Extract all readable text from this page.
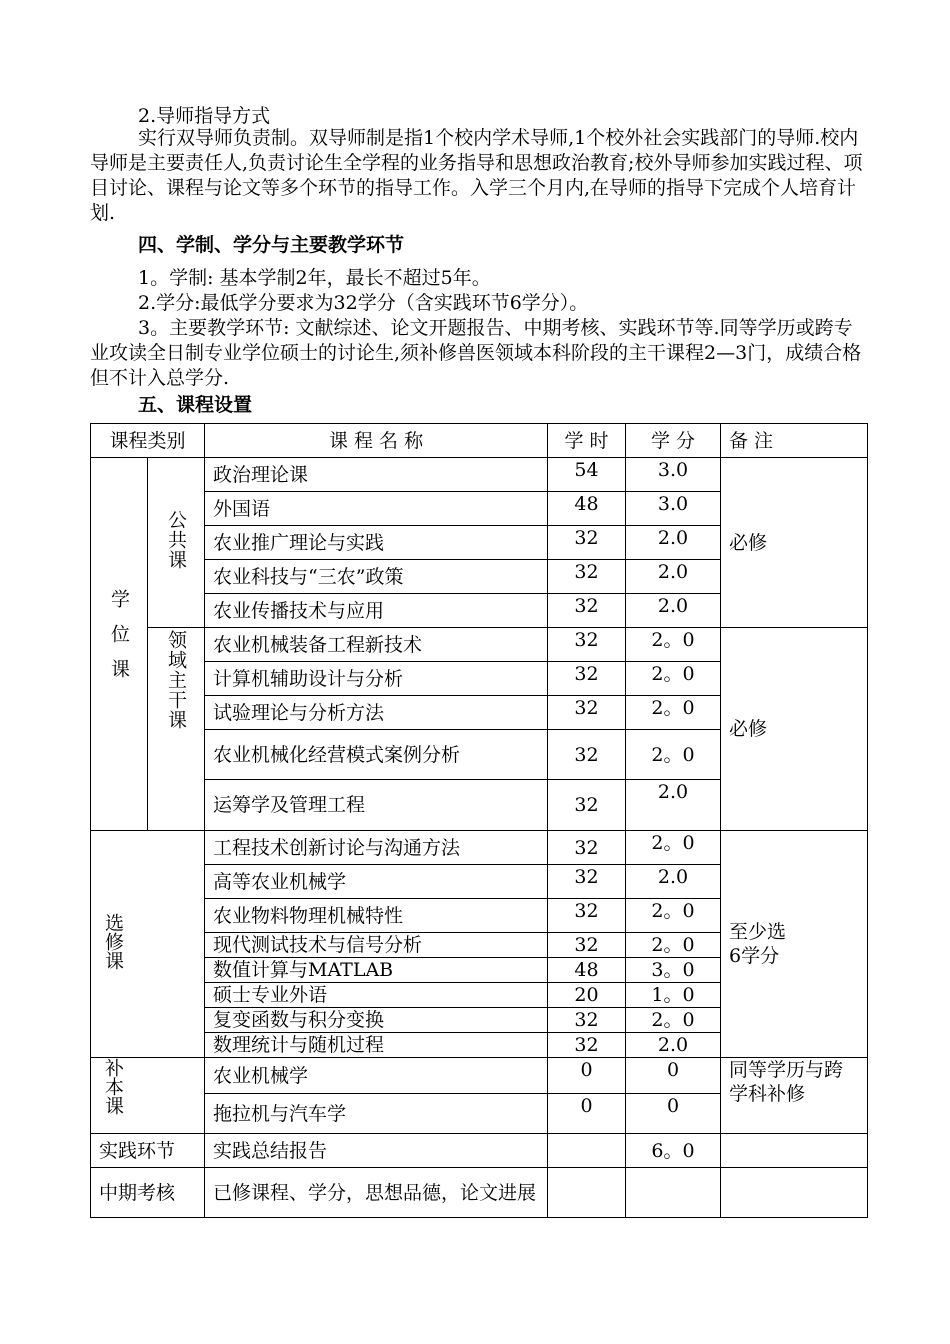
2.导师指导方式
实行双导师负责制。双导师制是指1个校内学术导师,1个校外社会实践部门的导师.校内导师是主要责任人,负责讨论生全学程的业务指导和思想政治教育;校外导师参加实践过程、项目讨论、课程与论文等多个环节的指导工作。入学三个月内,在导师的指导下完成个人培育计划.
四、学制、学分与主要教学环节
1。学制: 基本学制2年，最长不超过5年。
2.学分:最低学分要求为32学分（含实践环节6学分）。
3。主要教学环节: 文献综述、论文开题报告、中期考核、实践环节等.同等学历或跨专业攻读全日制专业学位硕士的讨论生,须补修兽医领域本科阶段的主干课程2—3门，成绩合格但不计入总学分.
五、课程设置
课程类别		课 程 名 称	学 时	学 分	备 注
学位课	公共课	政治理论课	54	3.0	必修
		外国语	48	3.0	
		农业推广理论与实践	32	2.0	
		农业科技与“三农”政策	32	2.0	
		农业传播技术与应用	32	2.0	
	领域主干课	农业机械装备工程新技术	32	2。0	必修
		计算机辅助设计与分析	32	2。0	
		试验理论与分析方法	32	2。0	
		农业机械化经营模式案例分析	32	2。0	
		运筹学及管理工程	32	2.0	
选修课		工程技术创新讨论与沟通方法	32	2。0	至少选
6学分

		高等农业机械学	32	2.0	
		农业物料物理机械特性	32	2。0	
		现代测试技术与信号分析	32	2。0	
		数值计算与MATLAB	48	3。0	
		硕士专业外语	20	1。0	
		复变函数与积分变换	32	2。0	
		数理统计与随机过程	32	2.0	
补本课		农业机械学	0	0	同等学历与跨学科补修
		拖拉机与汽车学	0	0	
实践环节		实践总结报告		6。0	
中期考核		已修课程、学分，思想品德，论文进展			
